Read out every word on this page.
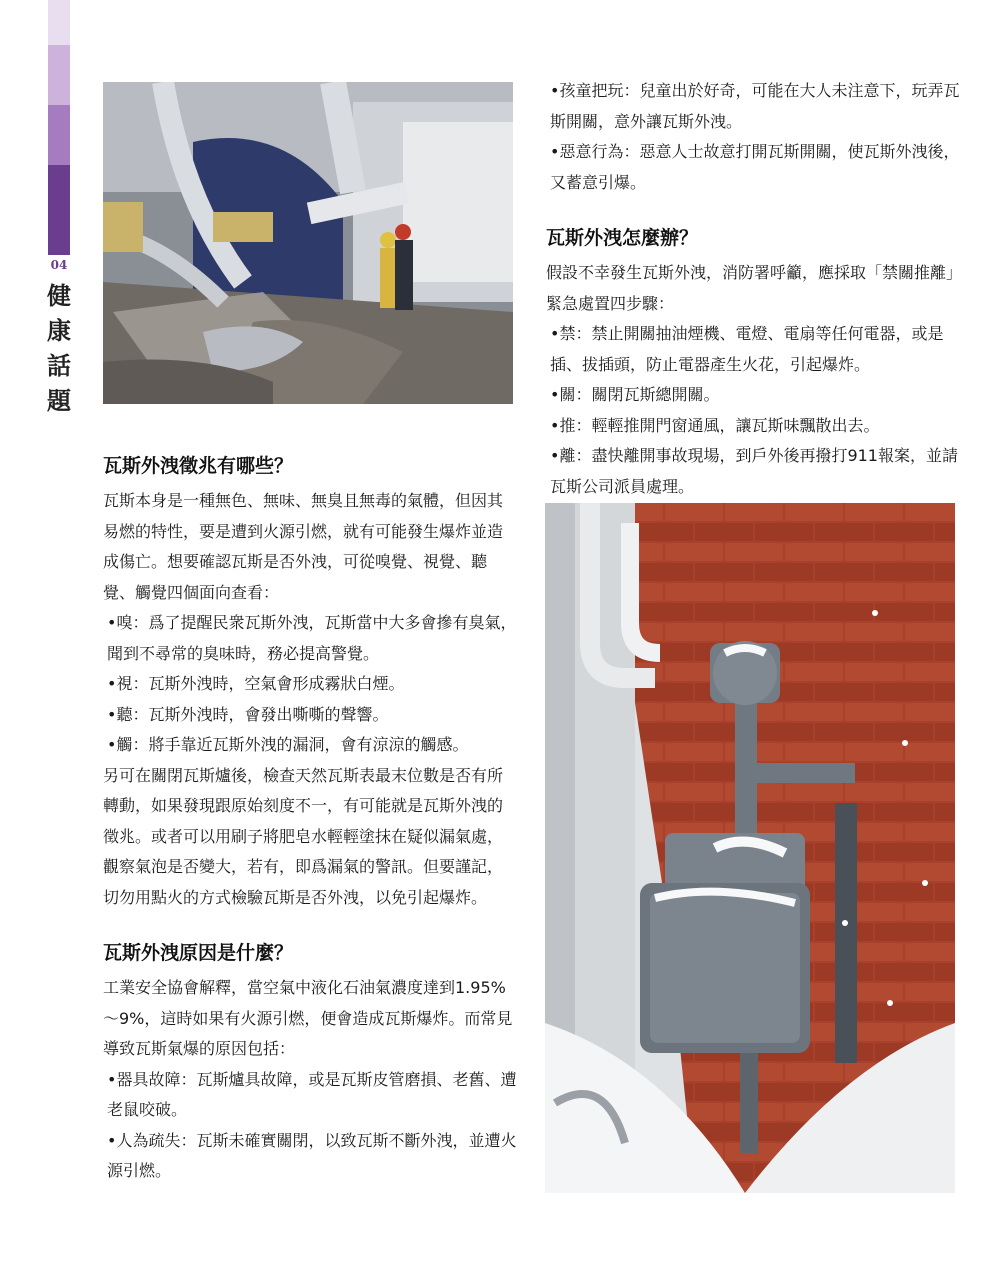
04
健康話題
瓦斯外洩徵兆有哪些？

瓦斯本身是一種無色、無味、無臭且無毒的氣體，但因其易燃的特性，要是遭到火源引燃，就有可能發生爆炸並造成傷亡。想要確認瓦斯是否外洩，可從嗅覺、視覺、聽覺、觸覺四個面向查看：

•嗅：爲了提醒民衆瓦斯外洩，瓦斯當中大多會摻有臭氣，聞到不尋常的臭味時，務必提高警覺。

•視：瓦斯外洩時，空氣會形成霧狀白煙。

•聽：瓦斯外洩時，會發出嘶嘶的聲響。

•觸：將手靠近瓦斯外洩的漏洞，會有涼涼的觸感。

另可在關閉瓦斯爐後，檢查天然瓦斯表最末位數是否有所轉動，如果發現跟原始刻度不一，有可能就是瓦斯外洩的徵兆。或者可以用刷子將肥皂水輕輕塗抹在疑似漏氣處，觀察氣泡是否變大，若有，即爲漏氣的警訊。但要謹記，切勿用點火的方式檢驗瓦斯是否外洩，以免引起爆炸。

瓦斯外洩原因是什麼？

工業安全協會解釋，當空氣中液化石油氣濃度達到1.95%～9%，這時如果有火源引燃，便會造成瓦斯爆炸。而常見導致瓦斯氣爆的原因包括：

•器具故障：瓦斯爐具故障，或是瓦斯皮管磨損、老舊、遭老鼠咬破。

•人為疏失：瓦斯未確實關閉，以致瓦斯不斷外洩，並遭火源引燃。

•孩童把玩：兒童出於好奇，可能在大人未注意下，玩弄瓦斯開關，意外讓瓦斯外洩。

•惡意行為：惡意人士故意打開瓦斯開關，使瓦斯外洩後，又蓄意引爆。

瓦斯外洩怎麼辦？

假設不幸發生瓦斯外洩，消防署呼籲，應採取「禁關推離」緊急處置四步驟：

•禁：禁止開關抽油煙機、電燈、電扇等任何電器，或是插、拔插頭，防止電器產生火花，引起爆炸。

•關：關閉瓦斯總開關。

•推：輕輕推開門窗通風，讓瓦斯味飄散出去。

•離：盡快離開事故現場，到戶外後再撥打911報案，並請瓦斯公司派員處理。
